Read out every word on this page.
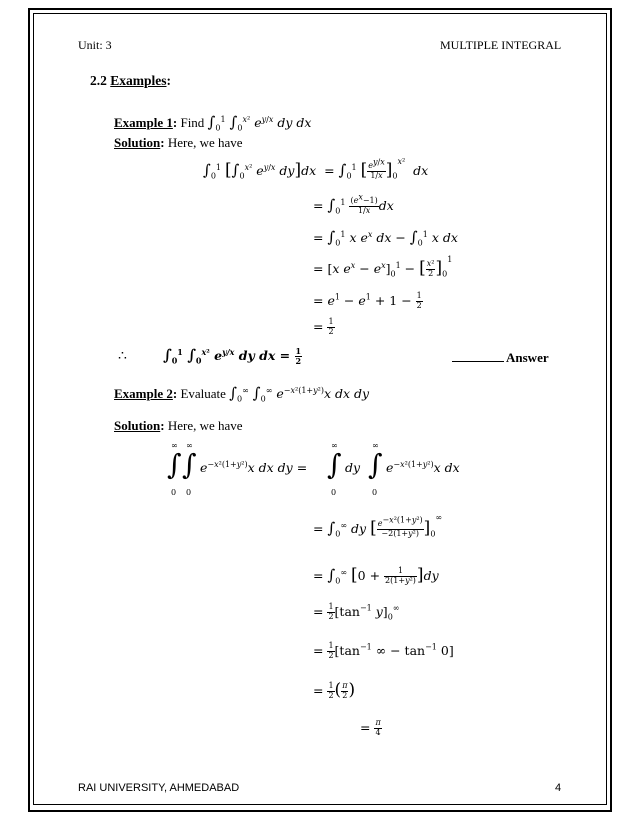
Unit: 3	MULTIPLE INTEGRAL
2.2 Examples:
Example 1: Find $\int_0^1$ $\int_0^{x^2}$ $e^{y/x}$ dy dx
Solution: Here, we have
$\int_0^1$ [$\int_0^{x^2}$ $e^{y/x}$ $dy]dx = \int_0^1$ [ $\frac{e^{y/x}}{1/x} ]_0^{x^2}$  dx
= $\int_0^1 \frac{(e^x-1)}{1/x}$ dx
= $\int_0^1$ x $e^x$ dx − $\int_0^1$ x dx
= [x $e^x - e^x]_0^1$ − [ $\frac{\text{x²}}{2} ]_0^1$
= $e^1 - e^1 + 1 - \frac{1}{2}$
= $\frac{1}{2}$
∴ $\int_0^1$ $\int_0^{x^2}$ $e^{y/x}$ dy dx = $\frac{1}{2}$	Answer
Example 2: Evaluate $\int_0^\infty$ $\int_0^\infty$ $e^{-x^2(1+y^2)}x$ dx dy
Solution: Here, we have
∞
∫
0
∞
∫
0
$e^{-x^2(1+y^2)}x$ dx dy =
∞
∫
0
dy
∞
∫
0
$e^{-x^2(1+y^2)}x$ dx
= $\int_0^\infty$ dy [ $\frac{e^{-x^2(1+y^2)}}{\text{−2(1+y²)}} ]_0^\infty$
= $\int_0^\infty$ $[0 + \frac{1}{\text{2(1+y²)}} ]dy$
= $\frac{1}{2} [\tan^{-1}$ $y]_0^\infty$
= $\frac{1}{2} [\tan^{-1}$ ∞ − $\tan^{-1} 0$]
= $\frac{1}{2}$ ( $\frac{\pi}{2}$ )
= $\frac{\pi}{4}$
RAI UNIVERSITY, AHMEDABAD	4
